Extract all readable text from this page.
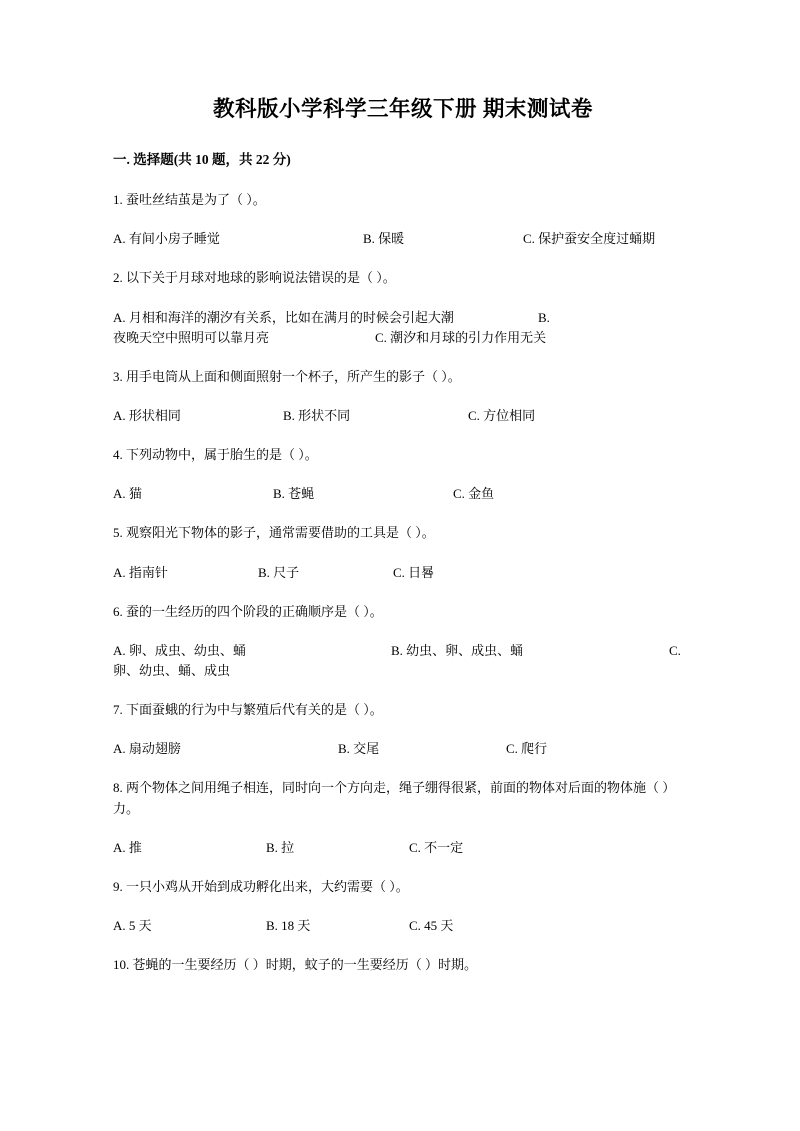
教科版小学科学三年级下册 期末测试卷
一. 选择题(共 10 题，共 22 分)
1. 蚕吐丝结茧是为了（ ）。
A. 有间小房子睡觉	B. 保暖	C. 保护蚕安全度过蛹期
2. 以下关于月球对地球的影响说法错误的是（ ）。
A. 月相和海洋的潮汐有关系，比如在满月的时候会引起大潮	B.
夜晚天空中照明可以靠月亮	C. 潮汐和月球的引力作用无关
3. 用手电筒从上面和侧面照射一个杯子，所产生的影子（ ）。
A. 形状相同	B. 形状不同	C. 方位相同
4. 下列动物中，属于胎生的是（ ）。
A. 猫	B. 苍蝇	C. 金鱼
5. 观察阳光下物体的影子，通常需要借助的工具是（ ）。
A. 指南针	B. 尺子	C. 日晷
6. 蚕的一生经历的四个阶段的正确顺序是（ ）。
A. 卵、成虫、幼虫、蛹	B. 幼虫、卵、成虫、蛹	C.
卵、幼虫、蛹、成虫
7. 下面蚕蛾的行为中与繁殖后代有关的是（ ）。
A. 扇动翅膀	B. 交尾	C. 爬行
8. 两个物体之间用绳子相连，同时向一个方向走，绳子绷得很紧，前面的物体对后面的物体施（ ）力。
A. 推	B. 拉	C. 不一定
9. 一只小鸡从开始到成功孵化出来，大约需要（ ）。
A. 5 天	B. 18 天	C. 45 天
10. 苍蝇的一生要经历（ ）时期，蚊子的一生要经历（ ）时期。
